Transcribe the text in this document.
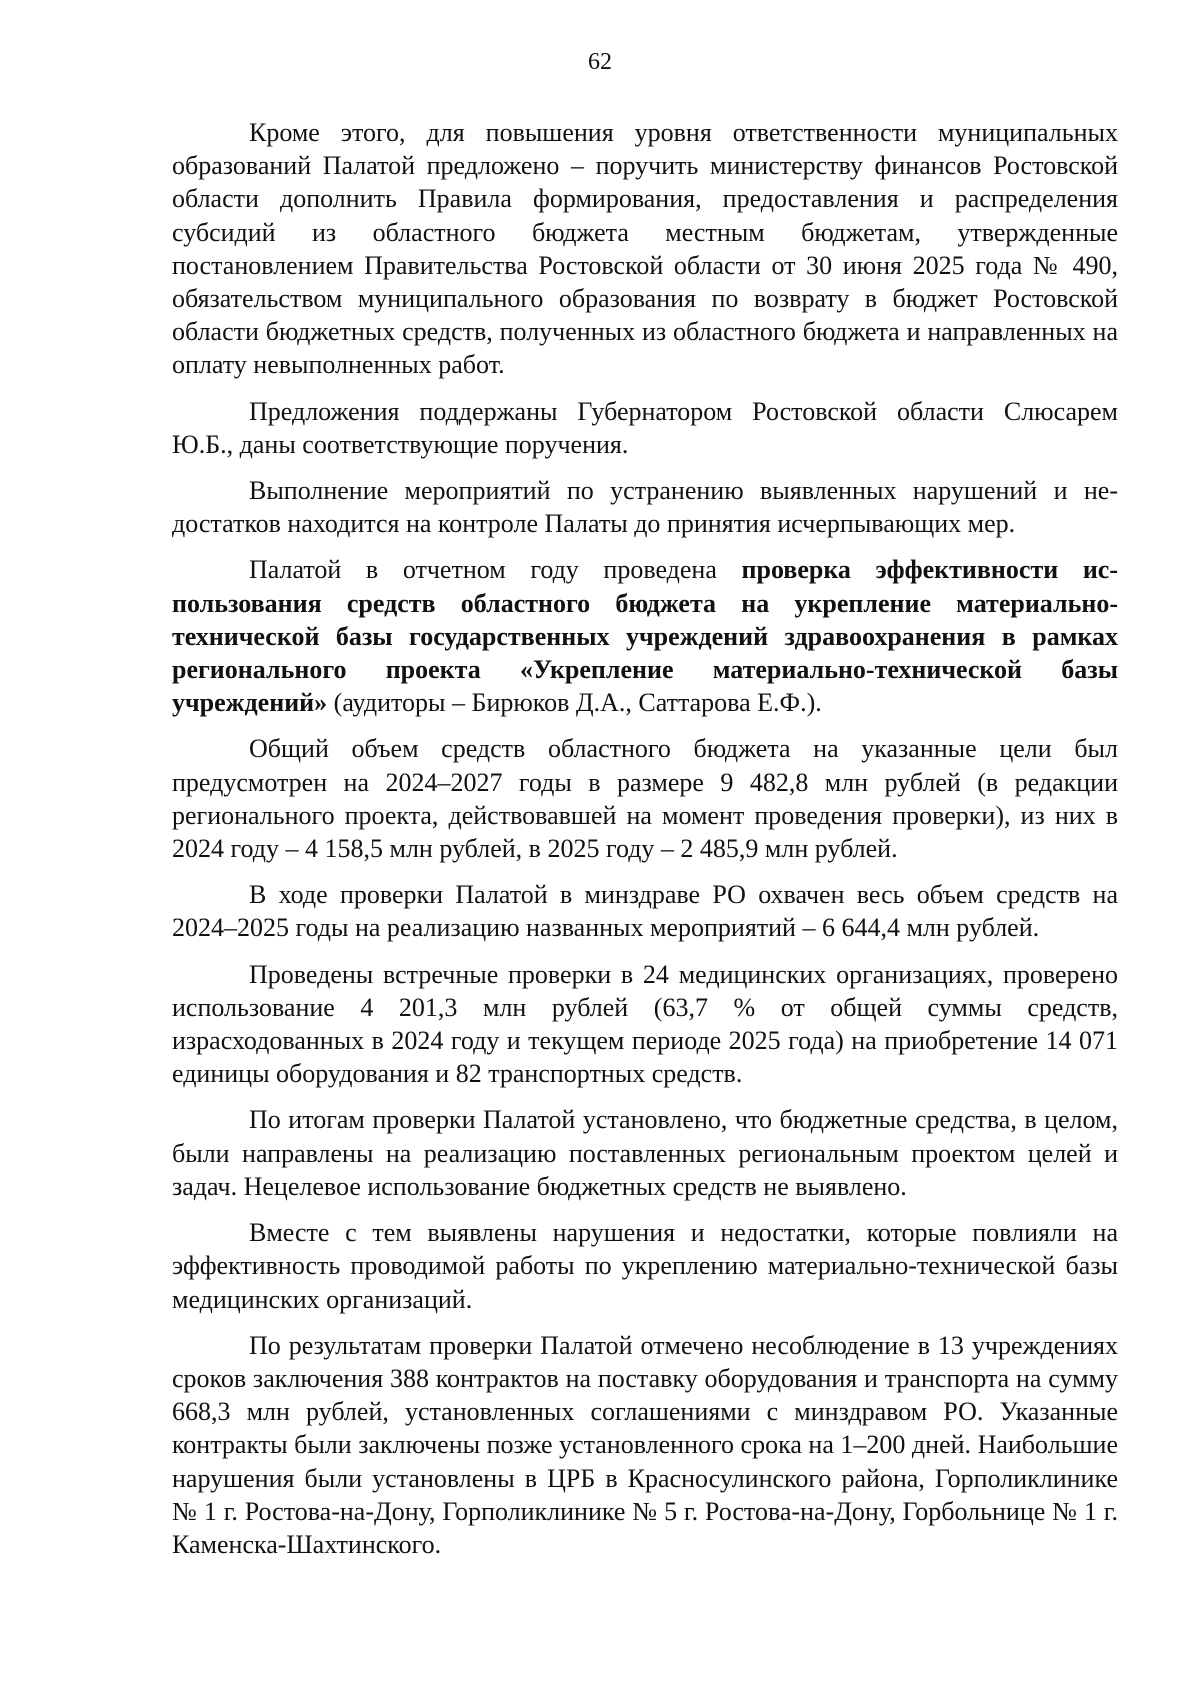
62

Кроме этого, для повышения уровня ответственности муниципальных образований Палатой предложено – поручить министерству финансов Ростовской области дополнить Правила формирования, предоставления и распределения субсидий из областного бюджета местным бюджетам, утвержденные постановлением Правительства Ростовской области от 30 июня 2025 года № 490, обязательством муниципального образования по возврату в бюджет Ростовской области бюджетных средств, полученных из областного бюджета и направленных на оплату невыполненных работ.

Предложения поддержаны Губернатором Ростовской области Слюсарем Ю.Б., даны соответствующие поручения.

Выполнение мероприятий по устранению выявленных нарушений и недостатков находится на контроле Палаты до принятия исчерпывающих мер.

Палатой в отчетном году проведена проверка эффективности использования средств областного бюджета на укрепление материально-технической базы государственных учреждений здравоохранения в рамках регионального проекта «Укрепление материально-технической базы учреждений» (аудиторы – Бирюков Д.А., Саттарова Е.Ф.).

Общий объем средств областного бюджета на указанные цели был предусмотрен на 2024–2027 годы в размере 9 482,8 млн рублей (в редакции регионального проекта, действовавшей на момент проведения проверки), из них в 2024 году – 4 158,5 млн рублей, в 2025 году – 2 485,9 млн рублей.

В ходе проверки Палатой в минздраве РО охвачен весь объем средств на 2024–2025 годы на реализацию названных мероприятий – 6 644,4 млн рублей.

Проведены встречные проверки в 24 медицинских организациях, проверено использование 4 201,3 млн рублей (63,7 % от общей суммы средств, израсходованных в 2024 году и текущем периоде 2025 года) на приобретение 14 071 единицы оборудования и 82 транспортных средств.

По итогам проверки Палатой установлено, что бюджетные средства, в целом, были направлены на реализацию поставленных региональным проектом целей и задач. Нецелевое использование бюджетных средств не выявлено.

Вместе с тем выявлены нарушения и недостатки, которые повлияли на эффективность проводимой работы по укреплению материально-технической базы медицинских организаций.

По результатам проверки Палатой отмечено несоблюдение в 13 учреждениях сроков заключения 388 контрактов на поставку оборудования и транспорта на сумму 668,3 млн рублей, установленных соглашениями с минздравом РО. Указанные контракты были заключены позже установленного срока на 1–200 дней. Наибольшие нарушения были установлены в ЦРБ в Красносулинского района, Горполиклинике № 1 г. Ростова-на-Дону, Горполиклинике № 5 г. Ростова-на-Дону, Горбольнице № 1 г. Каменска-Шахтинского.
